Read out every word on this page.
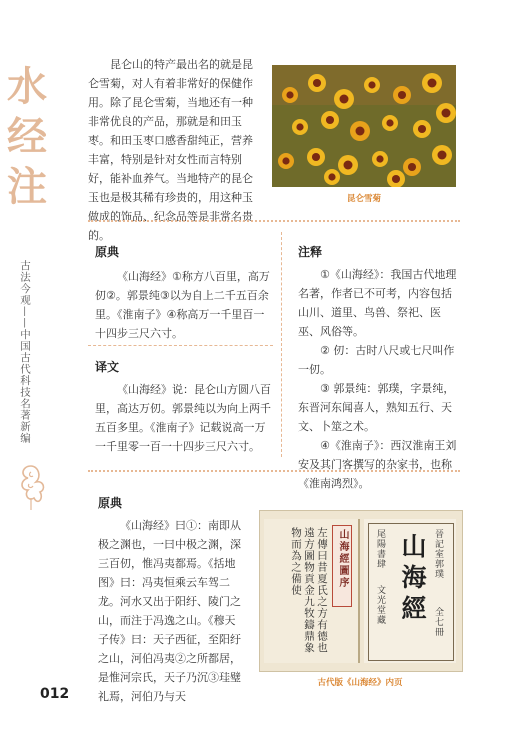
水
经
注
古法今观——中国古代科技名著新编
012

昆仑山的特产最出名的就是昆仑雪菊，对人有着非常好的保健作用。除了昆仑雪菊，当地还有一种非常优良的产品，那就是和田玉枣。和田玉枣口感香甜纯正，营养丰富，特别是针对女性而言特别好，能补血养气。当地特产的昆仑玉也是极其稀有珍贵的，用这种玉做成的饰品、纪念品等是非常名贵的。

昆仑雪菊
原典

《山海经》①称方八百里，高万仞②。郭景纯③以为自上二千五百余里。《淮南子》④称高万一千里百一十四步三尺六寸。

译文

《山海经》说：昆仑山方圆八百里，高达万仞。郭景纯以为向上两千五百多里。《淮南子》记载说高一万一千里零一百一十四步三尺六寸。

注释

①《山海经》：我国古代地理名著，作者已不可考，内容包括山川、道里、鸟兽、祭祀、医巫、风俗等。

② 仞：古时八尺或七尺叫作一仞。

③ 郭景纯：郭璞，字景纯，东晋河东闻喜人，熟知五行、天文、卜筮之术。

④《淮南子》：西汉淮南王刘安及其门客撰写的杂家书，也称《淮南鸿烈》。

原典

《山海经》曰①：南即从极之渊也，一曰中极之渊，深三百仞，惟冯夷都焉。《括地图》曰：冯夷恒乘云车驾二龙。河水又出于阳纡、陵门之山，而注于冯逸之山。《穆天子传》曰：天子西征，至阳纡之山，河伯冯夷②之所都居，是惟河宗氏，天子乃沉③珪璧礼焉，河伯乃与天

山海經圖序
左傳曰昔夏氏之方有德也遠方圖物貢金九牧鑄鼎象物而為之備使	山海經 晉記室郭璞
尾陽書肆
文光堂藏	全七冊
古代版《山海经》内页
